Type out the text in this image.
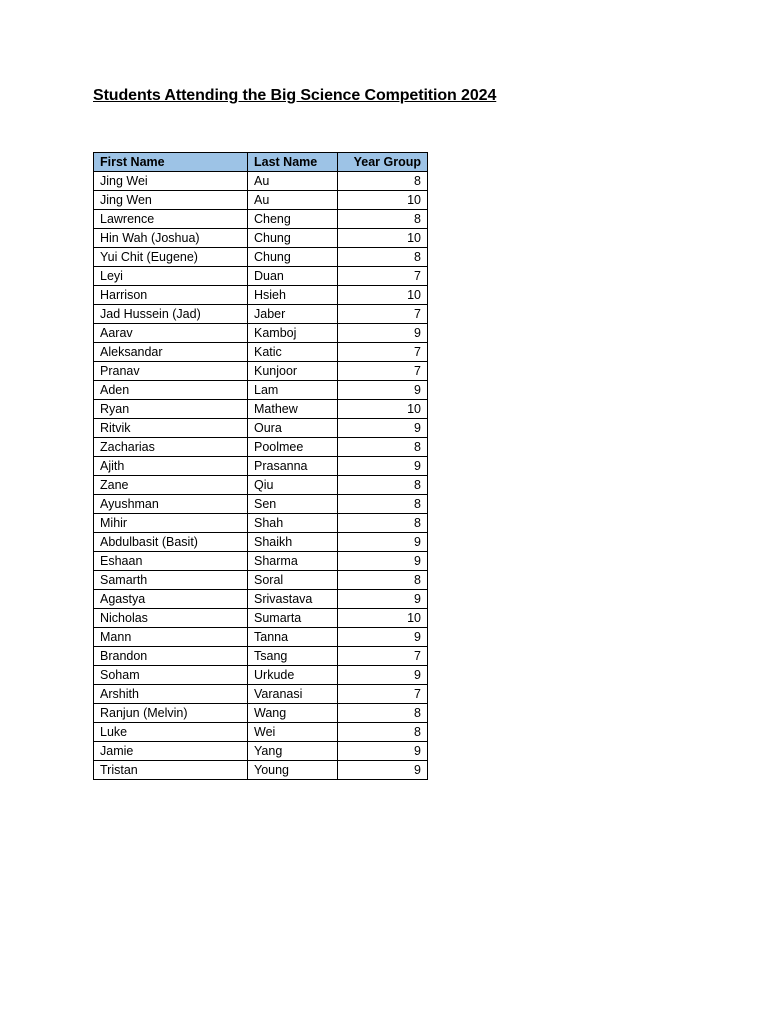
Students Attending the Big Science Competition 2024
First Name	Last Name	Year Group
Jing Wei	Au	8
Jing Wen	Au	10
Lawrence	Cheng	8
Hin Wah (Joshua)	Chung	10
Yui Chit (Eugene)	Chung	8
Leyi	Duan	7
Harrison	Hsieh	10
Jad Hussein (Jad)	Jaber	7
Aarav	Kamboj	9
Aleksandar	Katic	7
Pranav	Kunjoor	7
Aden	Lam	9
Ryan	Mathew	10
Ritvik	Oura	9
Zacharias	Poolmee	8
Ajith	Prasanna	9
Zane	Qiu	8
Ayushman	Sen	8
Mihir	Shah	8
Abdulbasit (Basit)	Shaikh	9
Eshaan	Sharma	9
Samarth	Soral	8
Agastya	Srivastava	9
Nicholas	Sumarta	10
Mann	Tanna	9
Brandon	Tsang	7
Soham	Urkude	9
Arshith	Varanasi	7
Ranjun (Melvin)	Wang	8
Luke	Wei	8
Jamie	Yang	9
Tristan	Young	9
